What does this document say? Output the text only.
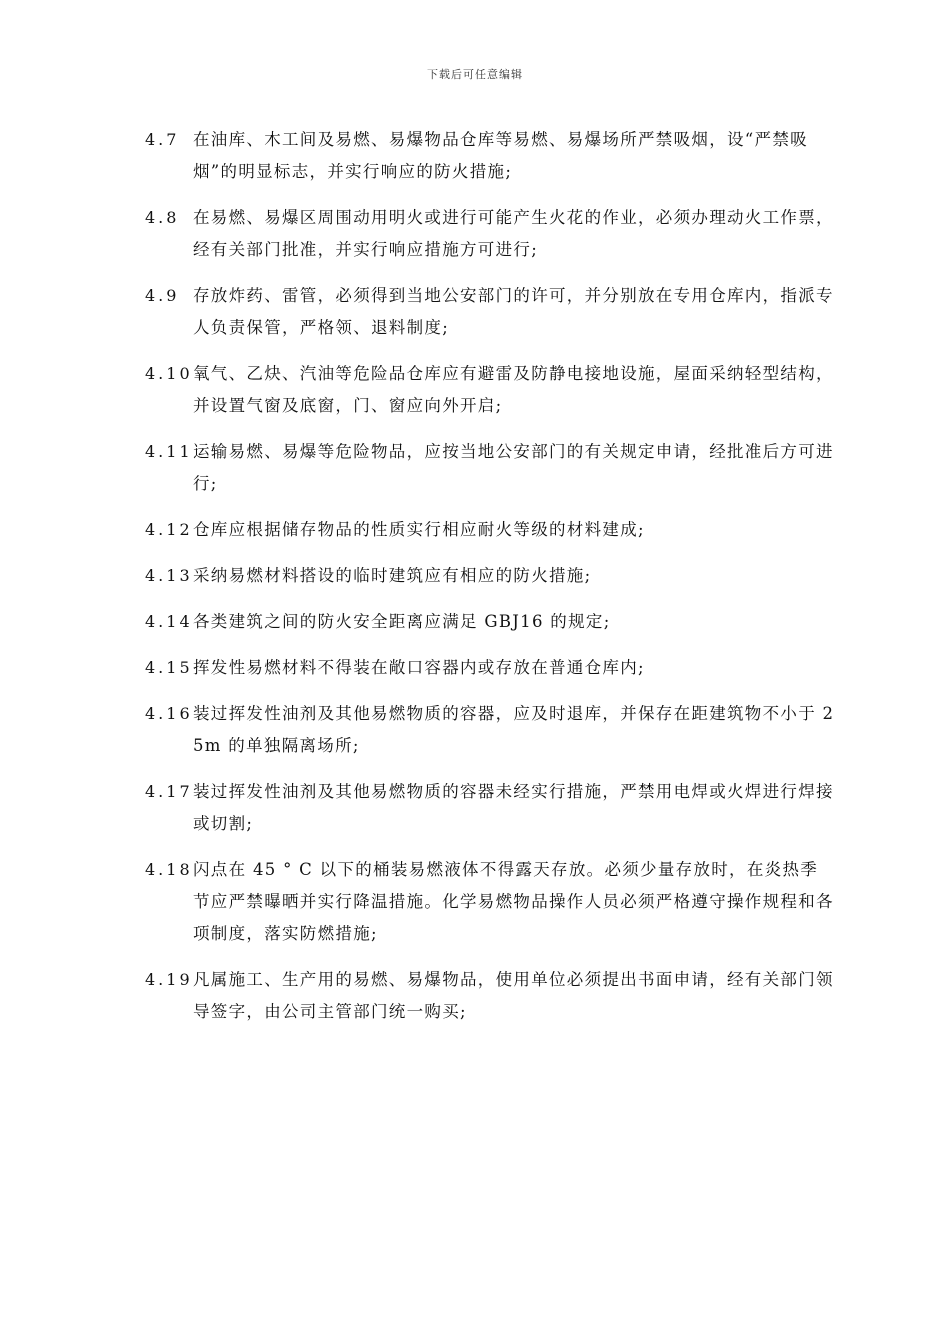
下载后可任意编辑
4.7 在油库、木工间及易燃、易爆物品仓库等易燃、易爆场所严禁吸烟，设“严禁吸烟”的明显标志，并实行响应的防火措施;
4.8 在易燃、易爆区周围动用明火或进行可能产生火花的作业，必须办理动火工作票，经有关部门批准，并实行响应措施方可进行;
4.9 存放炸药、雷管，必须得到当地公安部门的许可，并分别放在专用仓库内，指派专人负责保管，严格领、退料制度;
4.10 氧气、乙炔、汽油等危险品仓库应有避雷及防静电接地设施，屋面采纳轻型结构，并设置气窗及底窗，门、窗应向外开启;
4.11 运输易燃、易爆等危险物品，应按当地公安部门的有关规定申请，经批准后方可进行;
4.12 仓库应根据储存物品的性质实行相应耐火等级的材料建成;
4.13 采纳易燃材料搭设的临时建筑应有相应的防火措施;
4.14 各类建筑之间的防火安全距离应满足 GBJ16 的规定;
4.15 挥发性易燃材料不得装在敞口容器内或存放在普通仓库内;
4.16 装过挥发性油剂及其他易燃物质的容器，应及时退库，并保存在距建筑物不小于 25m 的单独隔离场所;
4.17 装过挥发性油剂及其他易燃物质的容器未经实行措施，严禁用电焊或火焊进行焊接或切割;
4.18 闪点在 45 ° C 以下的桶装易燃液体不得露天存放。必须少量存放时，在炎热季节应严禁曝晒并实行降温措施。化学易燃物品操作人员必须严格遵守操作规程和各项制度，落实防燃措施;
4.19 凡属施工、生产用的易燃、易爆物品，使用单位必须提出书面申请，经有关部门领导签字，由公司主管部门统一购买;
